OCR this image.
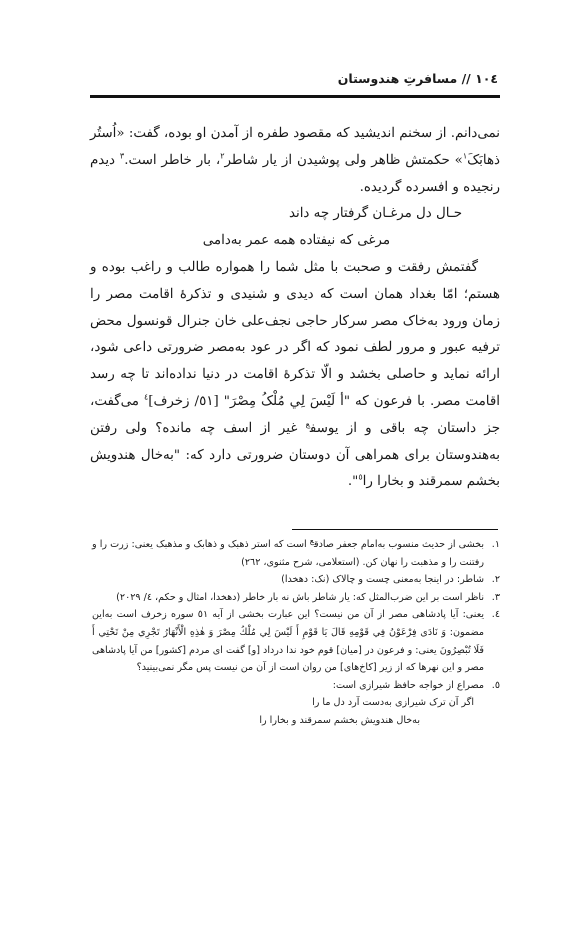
١٠٤ // مسافرتِ هندوستان

نمی‌دانم. از سخنم اندیشید که مقصود طفره از آمدن او بوده، گفت: «اُستُر ذهابَکَ$^١$» حکمتش ظاهر ولی پوشیدن از یار شاطر$^٢$، بار خاطر است.$^٣$ دیدم رنجیده و افسرده گردیده.

حـال دل مرغـان گرفتار چه داند

مرغی که نیفتاده همه عمر به‌دامی

گفتمش رفقت و صحبت با مثل شما را همواره طالب و راغب بوده و هستم؛ امّا بغداد همان است که دیدی و شنیدی و تذکرهٔ اقامت مصر را زمان ورود به‌خاک مصر سرکار حاجی نجف‌علی خان جنرال قونسول محض ترفیه عبور و مرور لطف نمود که اگر در عود به‌مصر ضرورتی داعی شود، ارائه نماید و حاصلی بخشد و الّا تذکرهٔ اقامت در دنیا نداده‌اند تا چه رسد اقامت مصر. با فرعون که "أ لَیْسَ لِي مُلْکُ مِصْرَ" [٥١/ زخرف]$^٤$ می‌گفت، جز داستان چه باقی و از یوسف$^ع$ غیر از اسف چه مانده؟ ولی رفتن به‌هندوستان برای همراهی آن دوستان ضرورتی دارد که: "به‌خال هندویش بخشم سمرقند و بخارا را$^٥$".

١.
بخشی از حدیث منسوب به‌امام جعفر صادق$^ع$ است که استر ذهبک و ذهابک و مذهبک یعنی: زرت را و رفتنت را و مذهبت را نهان کن. (استعلامی، شرح مثنوی، ٢٦٢)

٢.
شاطر: در اینجا به‌معنی چست و چالاک (نک: دهخدا)

٣.
ناظر است بر این ضرب‌المثل که: یار شاطر باش نه بار خاطر (دهخدا، امثال و حکم، ٤/ ٢٠٢٩)

٤.
یعنی: آیا پادشاهی مصر از آن من نیست؟ این عبارت بخشی از آیه ٥١ سوره زخرف است به‌این مضمون: وَ نَادَى فِرْعَوْنُ فِي قَوْمِهِ قَالَ يَا قَوْمِ أَ لَيْسَ لِي مُلْكُ مِصْرَ وَ هٰذِهِ الْأَنْهَارُ تَجْرِي مِنْ تَحْتِي أَ فَلَا تُبْصِرُونَ یعنی: و فرعون در [میان] قوم خود ندا درداد [و] گفت ای مردم [کشور] من آیا پادشاهی مصر و این نهرها که از زیر [کاخ‌های] من روان است از آن من نیست پس مگر نمی‌بینید؟

٥.
مصراع از خواجه حافظ شیرازی است:

اگر آن ترک شیرازی به‌دست آرد دل ما را

به‌خال هندویش بخشم سمرقند و بخارا را
